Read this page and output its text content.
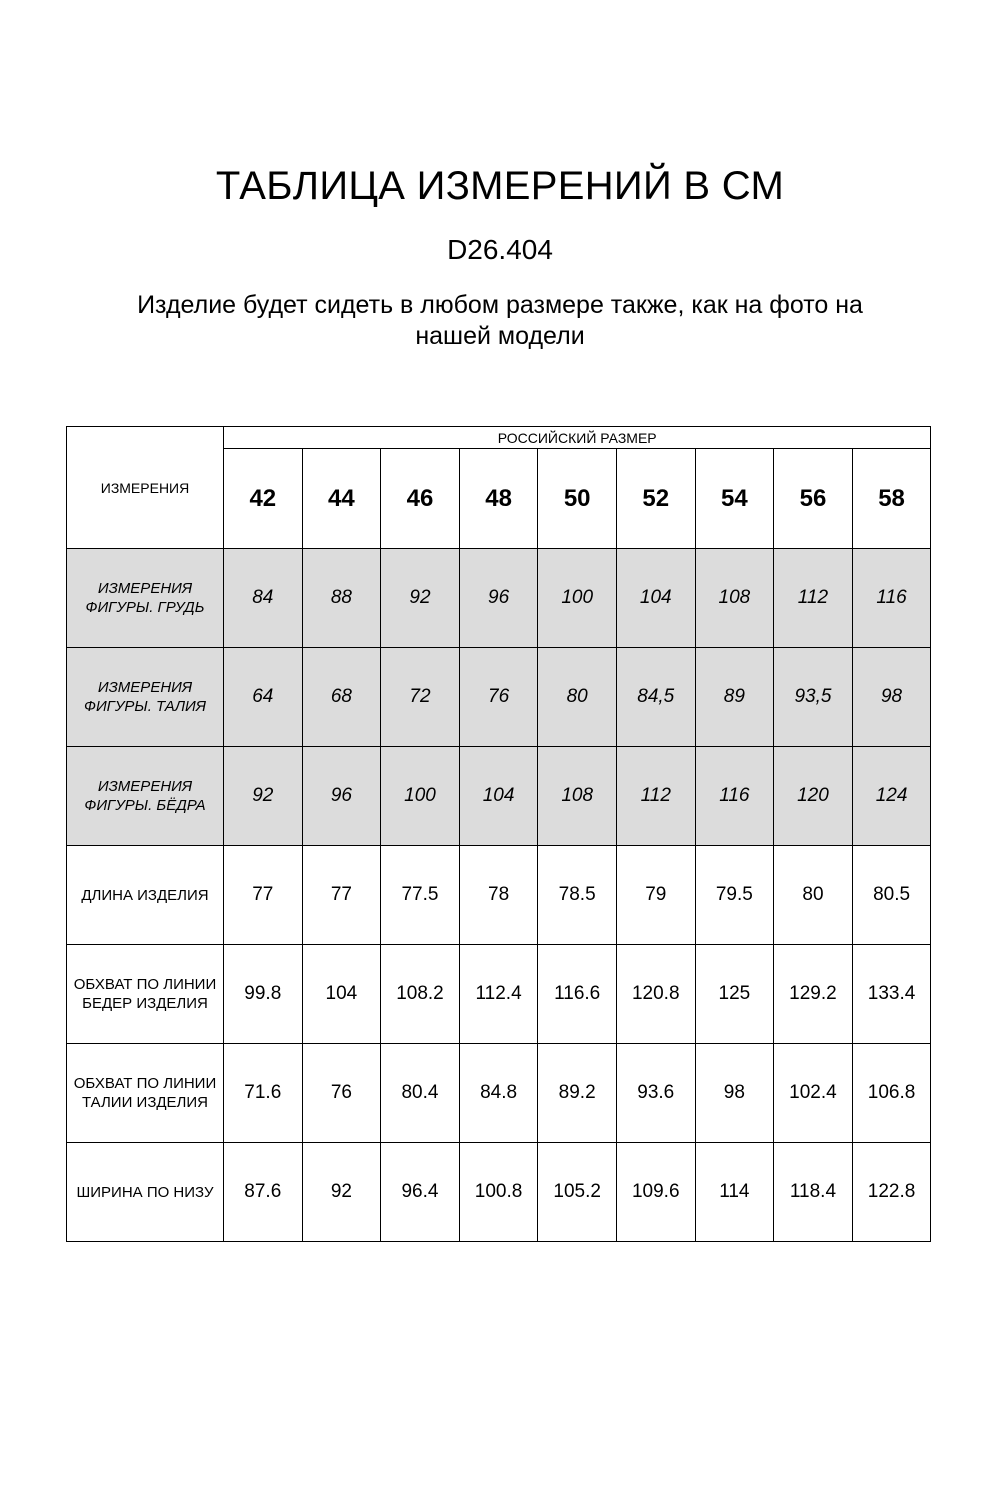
ТАБЛИЦА ИЗМЕРЕНИЙ В СМ
D26.404
Изделие будет сидеть в любом размере также, как на фото на нашей модели
ИЗМЕРЕНИЯ	РОССИЙСКИЙ РАЗМЕР								
	42	44	46	48	50	52	54	56	58
ИЗМЕРЕНИЯ ФИГУРЫ. ГРУДЬ	84	88	92	96	100	104	108	112	116
ИЗМЕРЕНИЯ ФИГУРЫ. ТАЛИЯ	64	68	72	76	80	84,5	89	93,5	98
ИЗМЕРЕНИЯ ФИГУРЫ. БЁДРА	92	96	100	104	108	112	116	120	124
ДЛИНА ИЗДЕЛИЯ	77	77	77.5	78	78.5	79	79.5	80	80.5
ОБХВАТ ПО ЛИНИИ БЕДЕР ИЗДЕЛИЯ	99.8	104	108.2	112.4	116.6	120.8	125	129.2	133.4
ОБХВАТ ПО ЛИНИИ ТАЛИИ ИЗДЕЛИЯ	71.6	76	80.4	84.8	89.2	93.6	98	102.4	106.8
ШИРИНА ПО НИЗУ	87.6	92	96.4	100.8	105.2	109.6	114	118.4	122.8
